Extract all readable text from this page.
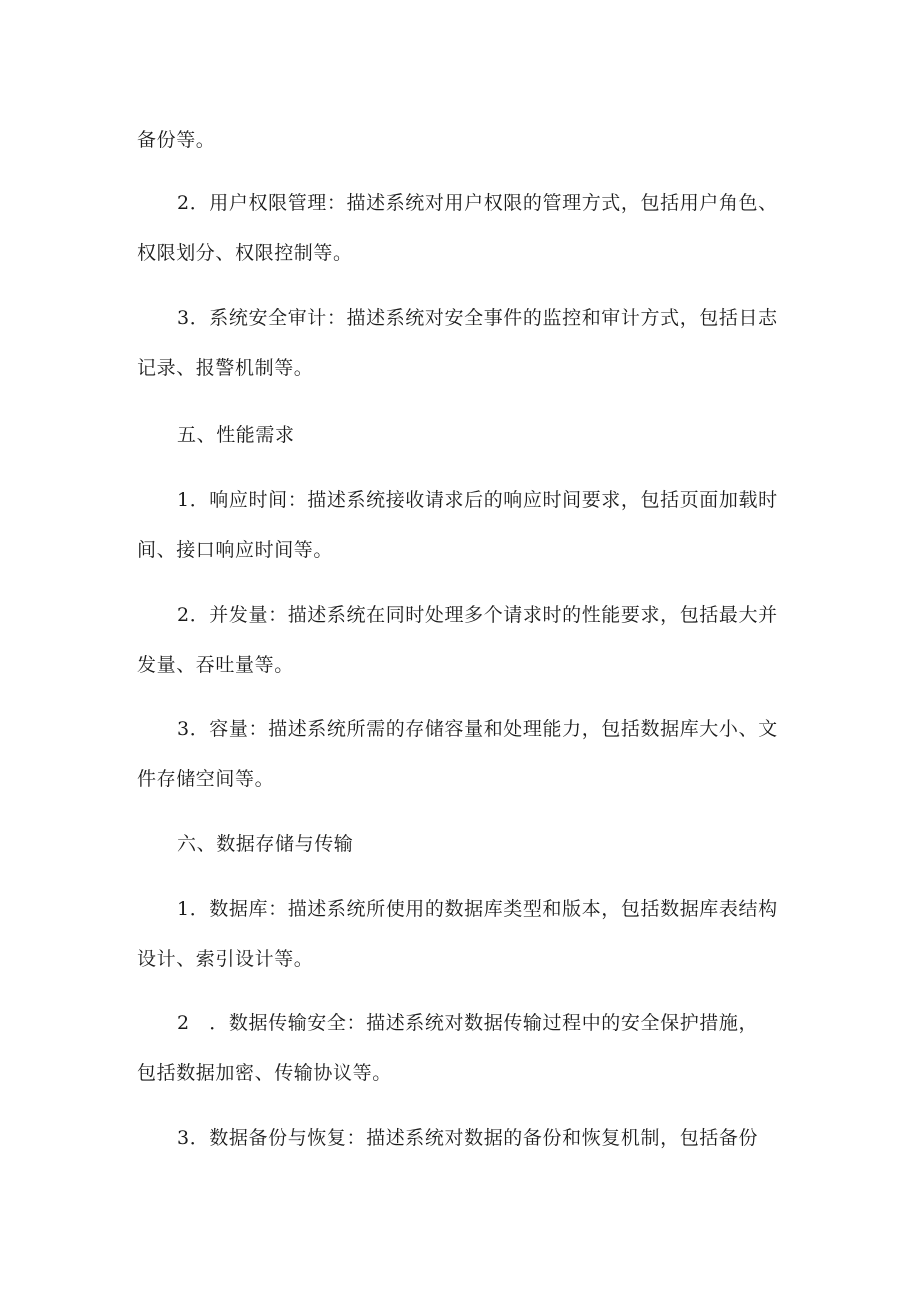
备份等。
2．用户权限管理：描述系统对用户权限的管理方式，包括用户角色、
权限划分、权限控制等。
3．系统安全审计：描述系统对安全事件的监控和审计方式，包括日志
记录、报警机制等。
五、性能需求
1．响应时间：描述系统接收请求后的响应时间要求，包括页面加载时
间、接口响应时间等。
2．并发量：描述系统在同时处理多个请求时的性能要求，包括最大并
发量、吞吐量等。
3．容量：描述系统所需的存储容量和处理能力，包括数据库大小、文
件存储空间等。
六、数据存储与传输
1．数据库：描述系统所使用的数据库类型和版本，包括数据库表结构
设计、索引设计等。
2　．数据传输安全：描述系统对数据传输过程中的安全保护措施，
包括数据加密、传输协议等。
3．数据备份与恢复：描述系统对数据的备份和恢复机制，包括备份
